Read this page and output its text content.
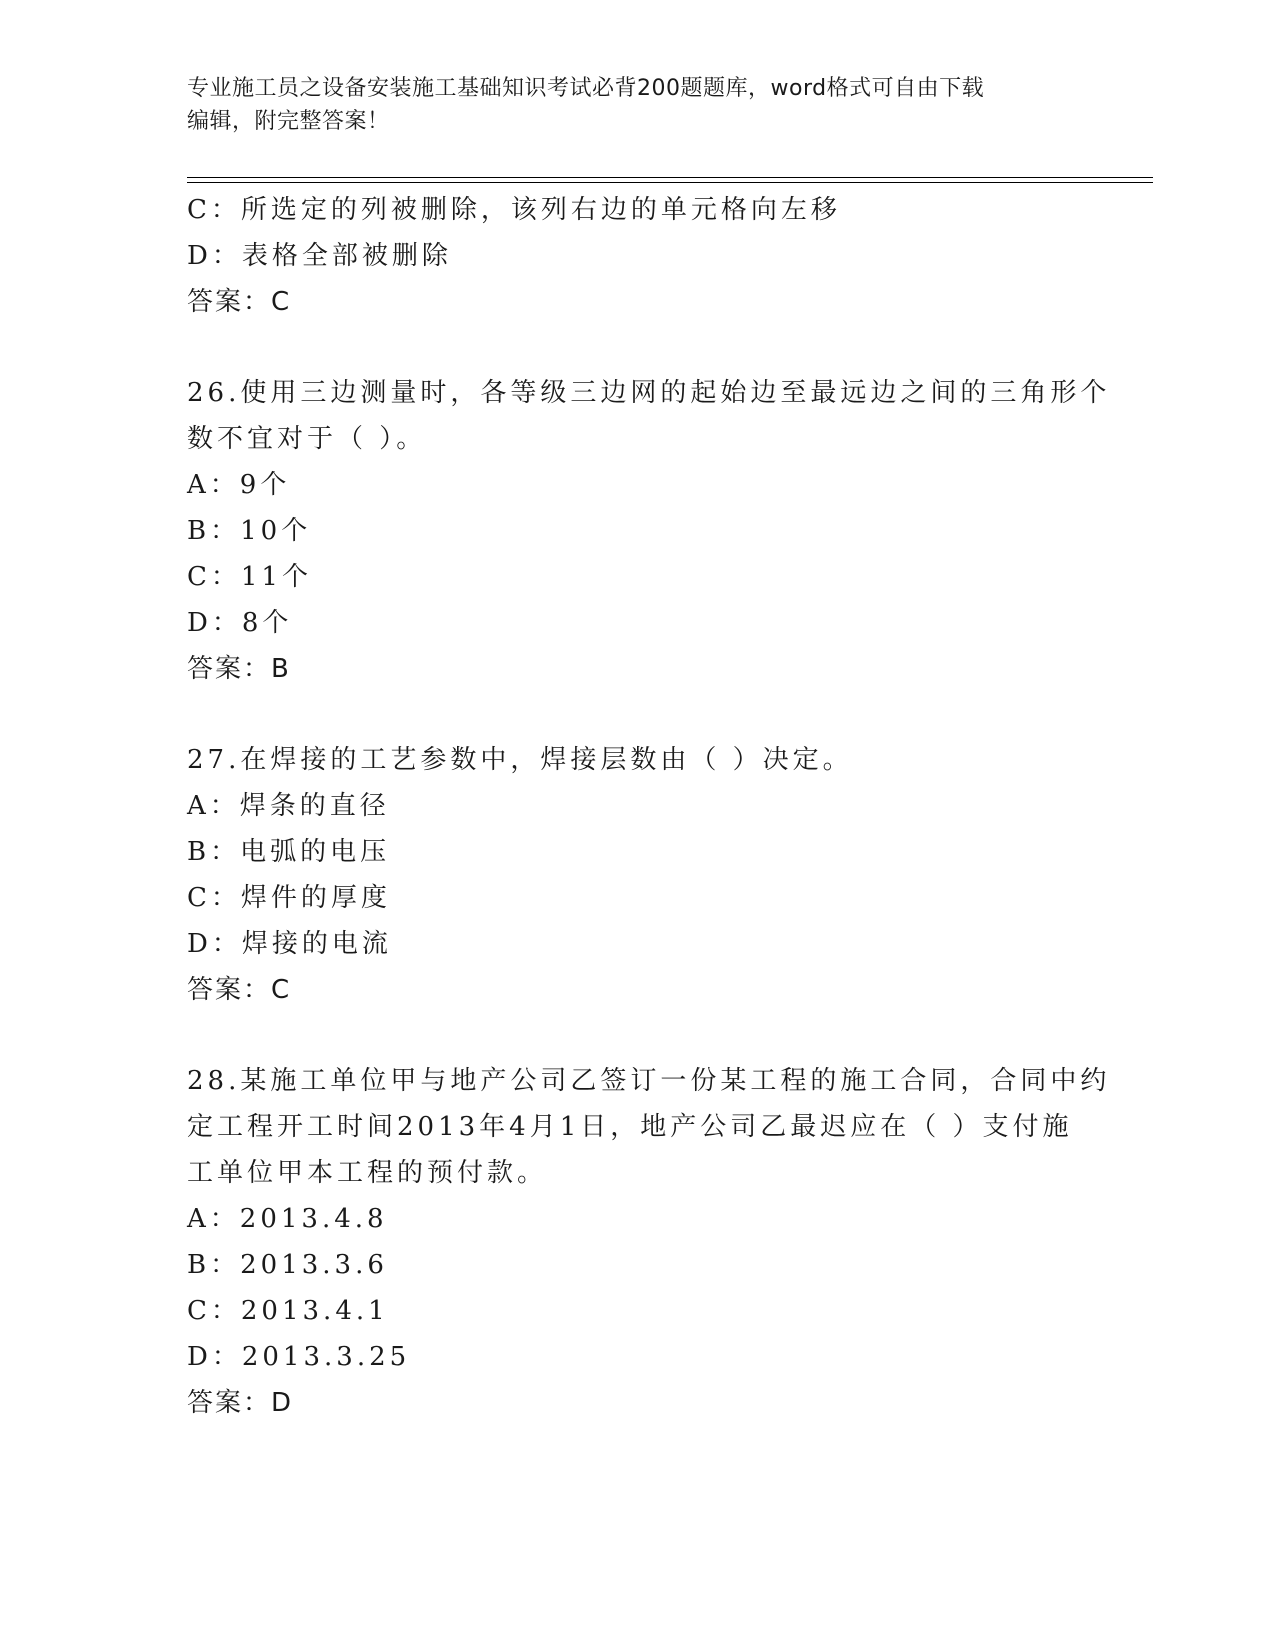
专业施工员之设备安装施工基础知识考试必背200题题库，word格式可自由下载
编辑，附完整答案！
C：所选定的列被删除，该列右边的单元格向左移
D：表格全部被删除
答案：C
26.使用三边测量时，各等级三边网的起始边至最远边之间的三角形个
数不宜对于（ ）。
A：9个
B：10个
C：11个
D：8个
答案：B
27.在焊接的工艺参数中，焊接层数由（ ）决定。
A：焊条的直径
B：电弧的电压
C：焊件的厚度
D：焊接的电流
答案：C
28.某施工单位甲与地产公司乙签订一份某工程的施工合同，合同中约
定工程开工时间2013年4月1日，地产公司乙最迟应在（ ）支付施
工单位甲本工程的预付款。
A：2013.4.8
B：2013.3.6
C：2013.4.1
D：2013.3.25
答案：D
